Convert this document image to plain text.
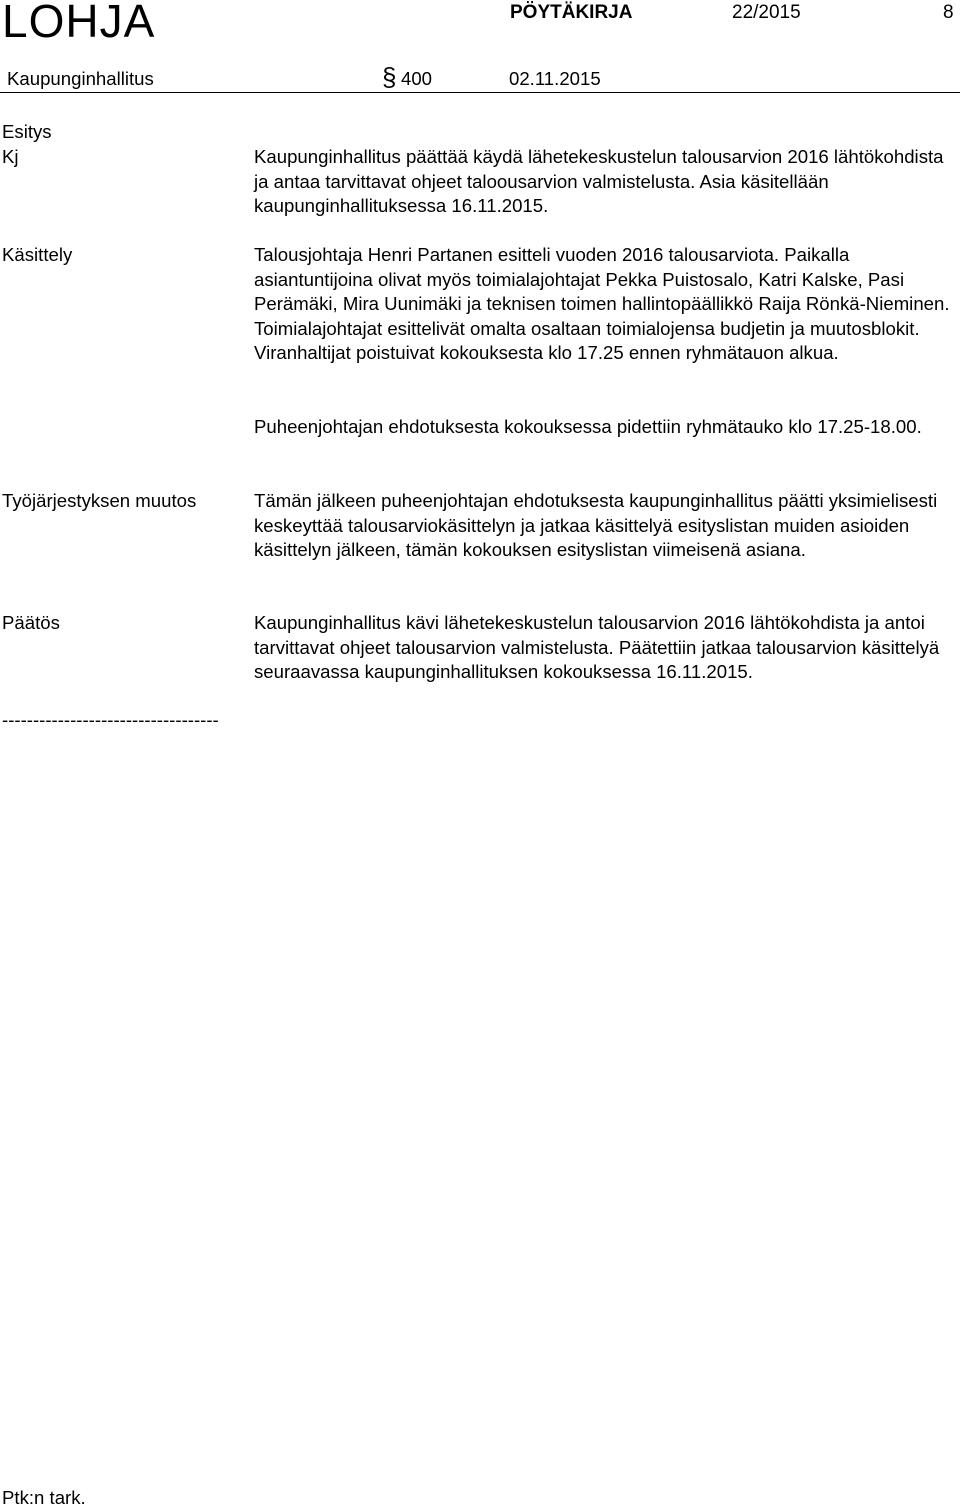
LOHJA	PÖYTÄKIRJA	22/2015	8
Kaupunginhallitus	§ 400	02.11.2015
Esitys
Kj	Kaupunginhallitus päättää käydä lähetekeskustelun talousarvion 2016 lähtökohdista ja antaa tarvittavat ohjeet taloousarvion valmistelusta. Asia käsitellään kaupunginhallituksessa 16.11.2015.

Käsittely	Talousjohtaja Henri Partanen esitteli vuoden 2016 talousarviota. Paikalla asiantuntijoina olivat myös toimialajohtajat Pekka Puistosalo, Katri Kalske, Pasi Perämäki, Mira Uunimäki ja teknisen toimen hallintopäällikkö Raija Rönkä-Nieminen. Toimialajohtajat esittelivät omalta osaltaan toimialojensa budjetin ja muutosblokit. Viranhaltijat poistuivat kokouksesta klo 17.25 ennen ryhmätauon alkua.

Puheenjohtajan ehdotuksesta kokouksessa pidettiin ryhmätauko klo 17.25-18.00.

Työjärjestyksen muutos	Tämän jälkeen puheenjohtajan ehdotuksesta kaupunginhallitus päätti yksimielisesti keskeyttää talousarviokäsittelyn ja jatkaa käsittelyä esityslistan muiden asioiden käsittelyn jälkeen, tämän kokouksen esityslistan viimeisenä asiana.

Päätös	Kaupunginhallitus kävi lähetekeskustelun talousarvion 2016 lähtökohdista ja antoi tarvittavat ohjeet talousarvion valmistelusta. Päätettiin jatkaa talousarvion käsittelyä seuraavassa kaupunginhallituksen kokouksessa 16.11.2015.

-----------------------------------
Ptk:n tark.
